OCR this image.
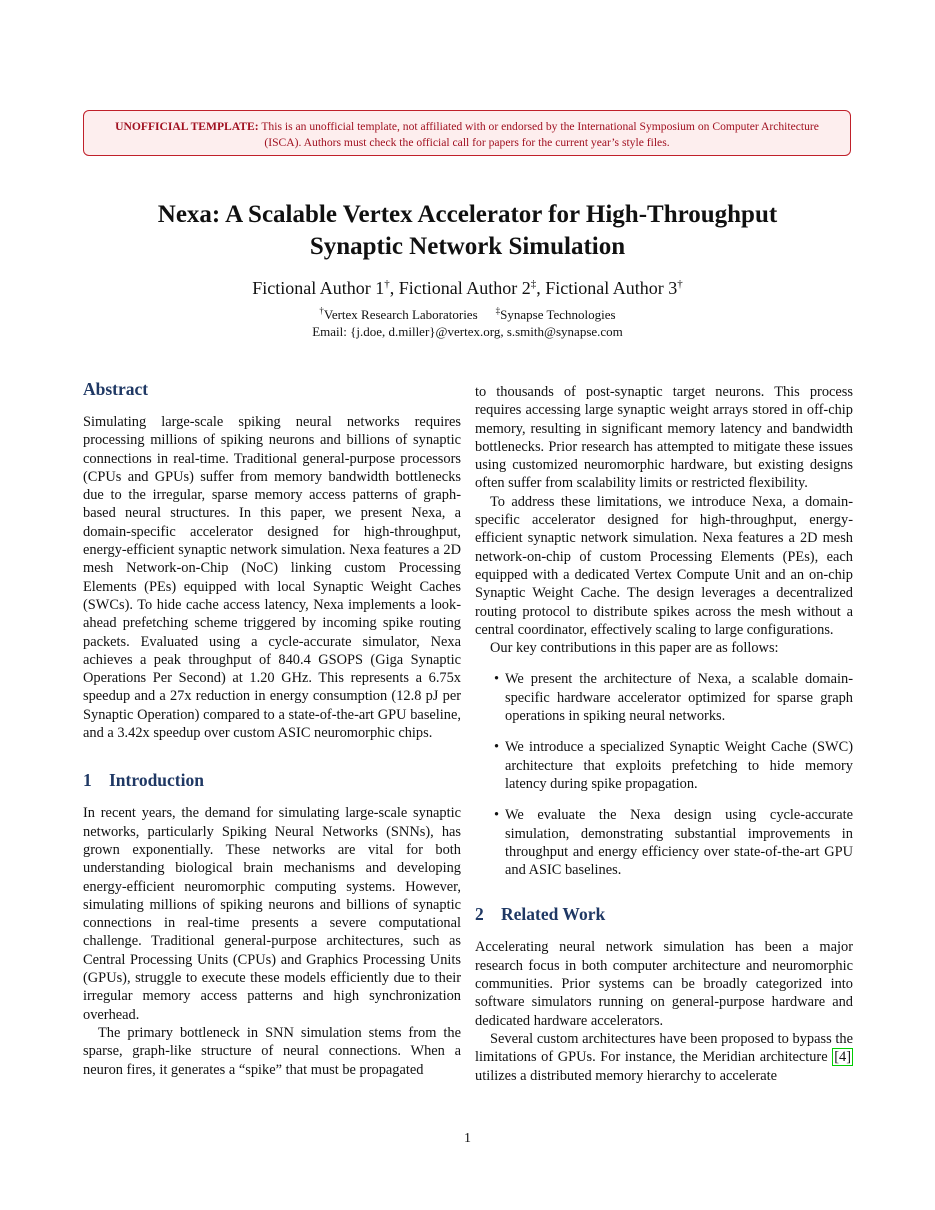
UNOFFICIAL TEMPLATE: This is an unofficial template, not affiliated with or endorsed by the International Symposium on Computer Architecture (ISCA). Authors must check the official call for papers for the current year’s style files.
Nexa: A Scalable Vertex Accelerator for High-Throughput
Synaptic Network Simulation
Fictional Author 1†, Fictional Author 2‡, Fictional Author 3†
†Vertex Research Laboratories ‡Synapse Technologies
Email: {j.doe, d.miller}@vertex.org, s.smith@synapse.com
Abstract

Simulating large-scale spiking neural networks requires processing millions of spiking neurons and billions of synaptic connections in real-time. Traditional general-purpose processors (CPUs and GPUs) suffer from memory bandwidth bottlenecks due to the irregular, sparse memory access patterns of graph-based neural structures. In this paper, we present Nexa, a domain-specific accelerator designed for high-throughput, energy-efficient synaptic network simulation. Nexa features a 2D mesh Network-on-Chip (NoC) linking custom Processing Elements (PEs) equipped with local Synaptic Weight Caches (SWCs). To hide cache access latency, Nexa implements a look-ahead prefetching scheme triggered by incoming spike routing packets. Evaluated using a cycle-accurate simulator, Nexa achieves a peak throughput of 840.4 GSOPS (Giga Synaptic Operations Per Second) at 1.20 GHz. This represents a 6.75x speedup and a 27x reduction in energy consumption (12.8 pJ per Synaptic Operation) compared to a state-of-the-art GPU baseline, and a 3.42x speedup over custom ASIC neuromorphic chips.

1 Introduction

In recent years, the demand for simulating large-scale synaptic networks, particularly Spiking Neural Networks (SNNs), has grown exponentially. These networks are vital for both understanding biological brain mechanisms and developing energy-efficient neuromorphic computing systems. However, simulating millions of spiking neurons and billions of synaptic connections in real-time presents a severe computational challenge. Traditional general-purpose architectures, such as Central Processing Units (CPUs) and Graphics Processing Units (GPUs), struggle to execute these models efficiently due to their irregular memory access patterns and high synchronization overhead.

The primary bottleneck in SNN simulation stems from the sparse, graph-like structure of neural connections. When a neuron fires, it generates a “spike” that must be propagated

to thousands of post-synaptic target neurons. This process requires accessing large synaptic weight arrays stored in off-chip memory, resulting in significant memory latency and bandwidth bottlenecks. Prior research has attempted to mitigate these issues using customized neuromorphic hardware, but existing designs often suffer from scalability limits or restricted flexibility.

To address these limitations, we introduce Nexa, a domain-specific accelerator designed for high-throughput, energy-efficient synaptic network simulation. Nexa features a 2D mesh network-on-chip of custom Processing Elements (PEs), each equipped with a dedicated Vertex Compute Unit and an on-chip Synaptic Weight Cache. The design leverages a decentralized routing protocol to distribute spikes across the mesh without a central coordinator, effectively scaling to large configurations.

Our key contributions in this paper are as follows:

• We present the architecture of Nexa, a scalable domain-specific hardware accelerator optimized for sparse graph operations in spiking neural networks.
• We introduce a specialized Synaptic Weight Cache (SWC) architecture that exploits prefetching to hide memory latency during spike propagation.
• We evaluate the Nexa design using cycle-accurate simulation, demonstrating substantial improvements in throughput and energy efficiency over state-of-the-art GPU and ASIC baselines.
2 Related Work

Accelerating neural network simulation has been a major research focus in both computer architecture and neuromorphic communities. Prior systems can be broadly categorized into software simulators running on general-purpose hardware and dedicated hardware accelerators.

Several custom architectures have been proposed to bypass the limitations of GPUs. For instance, the Meridian architecture [4] utilizes a distributed memory hierarchy to accelerate

1
